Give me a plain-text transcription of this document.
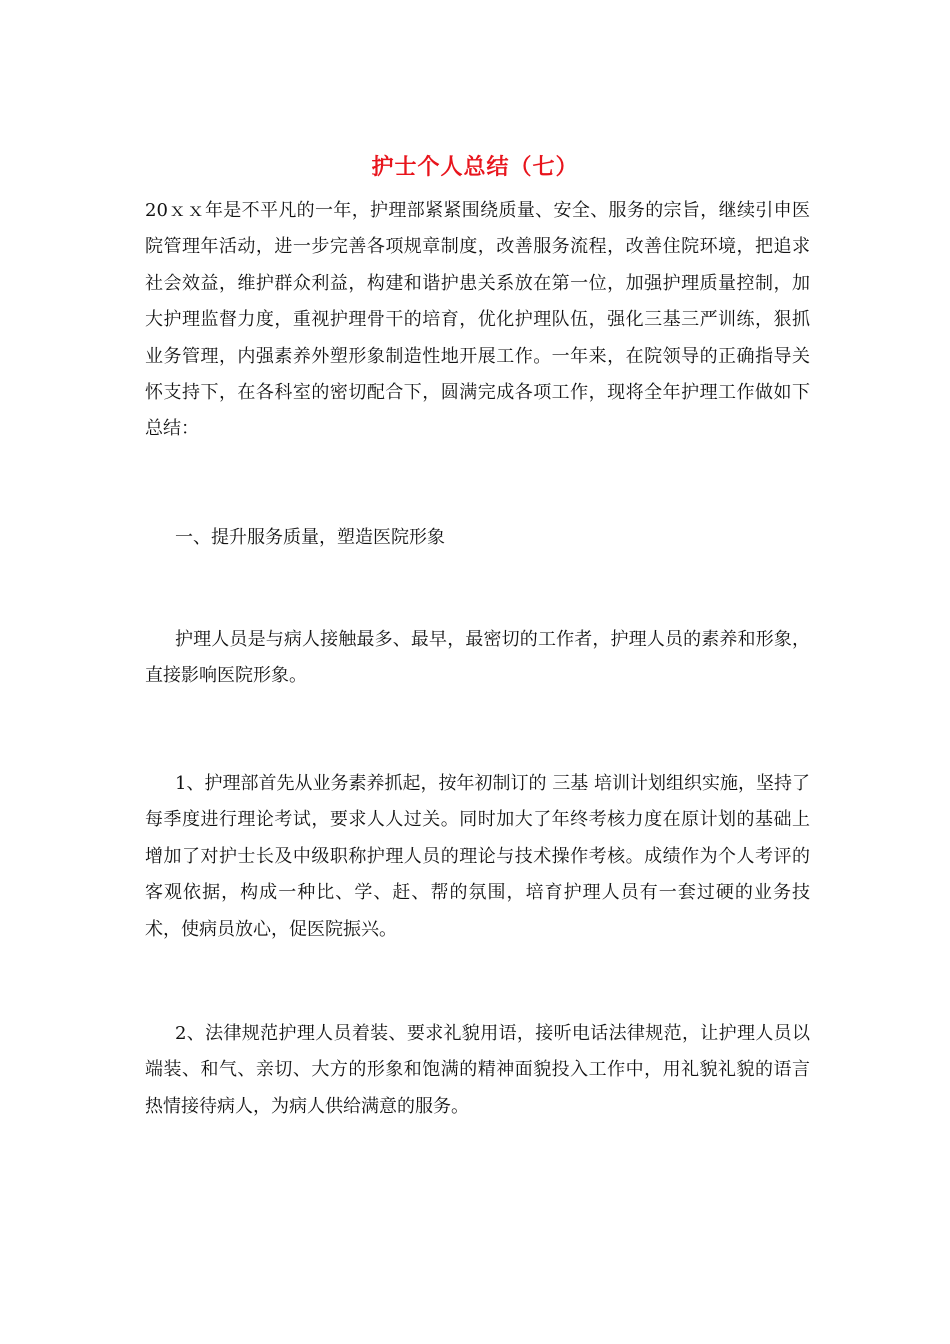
护士个人总结（七）

20ｘｘ年是不平凡的一年，护理部紧紧围绕质量、安全、服务的宗旨，继续引申医院管理年活动，进一步完善各项规章制度，改善服务流程，改善住院环境，把追求社会效益，维护群众利益，构建和谐护患关系放在第一位，加强护理质量控制，加大护理监督力度，重视护理骨干的培育，优化护理队伍，强化三基三严训练，狠抓业务管理，内强素养外塑形象制造性地开展工作。一年来，在院领导的正确指导关怀支持下，在各科室的密切配合下，圆满完成各项工作，现将全年护理工作做如下总结：

一、提升服务质量，塑造医院形象

护理人员是与病人接触最多、最早，最密切的工作者，护理人员的素养和形象，直接影响医院形象。

1、护理部首先从业务素养抓起，按年初制订的 三基 培训计划组织实施，坚持了每季度进行理论考试，要求人人过关。同时加大了年终考核力度在原计划的基础上增加了对护士长及中级职称护理人员的理论与技术操作考核。成绩作为个人考评的客观依据，构成一种比、学、赶、帮的氛围，培育护理人员有一套过硬的业务技术，使病员放心，促医院振兴。

2、法律规范护理人员着装、要求礼貌用语，接听电话法律规范，让护理人员以端装、和气、亲切、大方的形象和饱满的精神面貌投入工作中，用礼貌礼貌的语言热情接待病人，为病人供给满意的服务。
